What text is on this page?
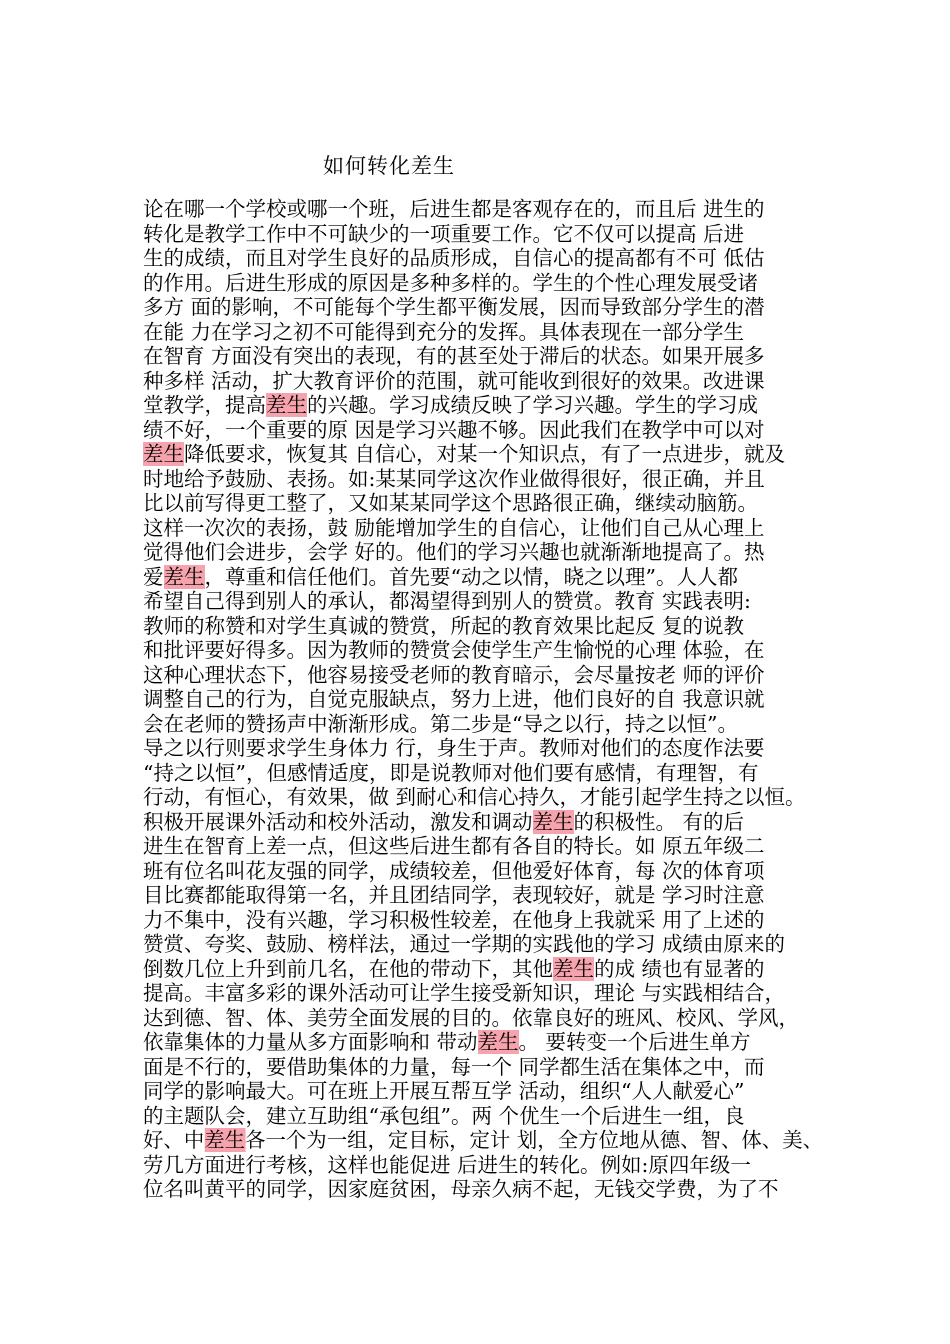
如何转化差生
论在哪一个学校或哪一个班，后进生都是客观存在的，而且后 进生的
转化是教学工作中不可缺少的一项重要工作。它不仅可以提高 后进
生的成绩，而且对学生良好的品质形成，自信心的提高都有不可 低估
的作用。后进生形成的原因是多种多样的。学生的个性心理发展受诸
多方 面的影响，不可能每个学生都平衡发展，因而导致部分学生的潜
在能 力在学习之初不可能得到充分的发挥。具体表现在一部分学生
在智育 方面没有突出的表现，有的甚至处于滞后的状态。如果开展多
种多样 活动，扩大教育评价的范围，就可能收到很好的效果。改进课
堂教学，提高差生的兴趣。学习成绩反映了学习兴趣。学生的学习成
绩不好，一个重要的原 因是学习兴趣不够。因此我们在教学中可以对
差生降低要求，恢复其 自信心，对某一个知识点，有了一点进步，就及
时地给予鼓励、表扬。如:某某同学这次作业做得很好，很正确，并且
比以前写得更工整了，又如某某同学这个思路很正确，继续动脑筋。
这样一次次的表扬，鼓 励能增加学生的自信心，让他们自己从心理上
觉得他们会进步，会学 好的。他们的学习兴趣也就渐渐地提高了。热
爱差生，尊重和信任他们。首先要“动之以情，晓之以理”。人人都
希望自己得到别人的承认，都渴望得到别人的赞赏。教育 实践表明:
教师的称赞和对学生真诚的赞赏，所起的教育效果比起反 复的说教
和批评要好得多。因为教师的赞赏会使学生产生愉悦的心理 体验，在
这种心理状态下，他容易接受老师的教育暗示，会尽量按老 师的评价
调整自己的行为，自觉克服缺点，努力上进，他们良好的自 我意识就
会在老师的赞扬声中渐渐形成。第二步是“导之以行，持之以恒”。
导之以行则要求学生身体力 行，身生于声。教师对他们的态度作法要
“持之以恒”，但感情适度，即是说教师对他们要有感情，有理智，有
行动，有恒心，有效果，做 到耐心和信心持久，才能引起学生持之以恒。
积极开展课外活动和校外活动，激发和调动差生的积极性。 有的后
进生在智育上差一点，但这些后进生都有各自的特长。如 原五年级二
班有位名叫花友强的同学，成绩较差，但他爱好体育，每 次的体育项
目比赛都能取得第一名，并且团结同学，表现较好，就是 学习时注意
力不集中，没有兴趣，学习积极性较差，在他身上我就采 用了上述的
赞赏、夸奖、鼓励、榜样法，通过一学期的实践他的学习 成绩由原来的
倒数几位上升到前几名，在他的带动下，其他差生的成 绩也有显著的
提高。丰富多彩的课外活动可让学生接受新知识，理论 与实践相结合，
达到德、智、体、美劳全面发展的目的。依靠良好的班风、校风、学风，
依靠集体的力量从多方面影响和 带动差生。 要转变一个后进生单方
面是不行的，要借助集体的力量，每一个 同学都生活在集体之中，而
同学的影响最大。可在班上开展互帮互学 活动，组织“人人献爱心”
的主题队会，建立互助组“承包组”。两 个优生一个后进生一组，良
好、中差生各一个为一组，定目标，定计 划，全方位地从德、智、体、美、
劳几方面进行考核，这样也能促进 后进生的转化。例如:原四年级一
位名叫黄平的同学，因家庭贫困，母亲久病不起，无钱交学费，为了不
